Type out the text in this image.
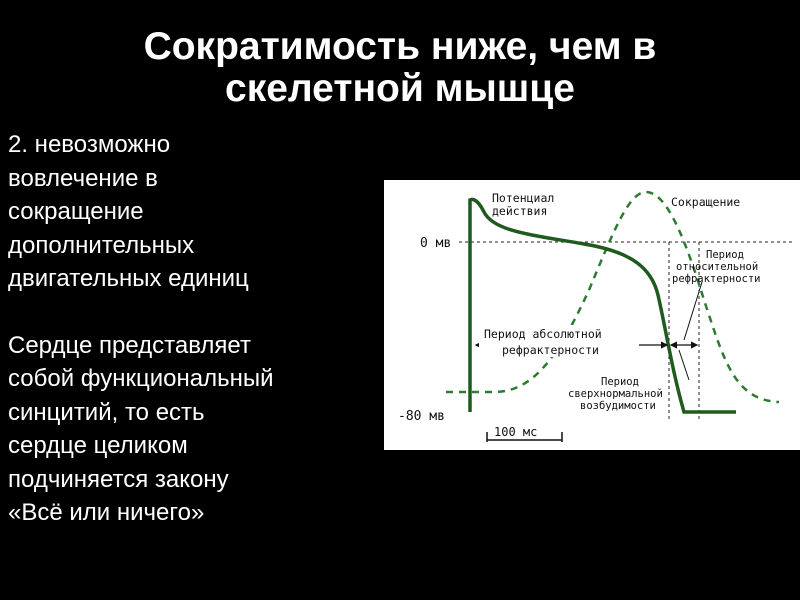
Сократимость ниже, чем в
скелетной мышце

2. невозможно
вовлечение в
сокращение
дополнительных
двигательных единиц

Сердце представляет
собой функциональный
синцитий, то есть
сердце целиком
подчиняется закону
«Всё или ничего»

Потенциал
действия
Сокращение
0 мв
-80 мв
Период
относительной
рефрактерности
Период абсолютной
рефрактерности
Период
сверхнормальной
возбудимости
100 мс
